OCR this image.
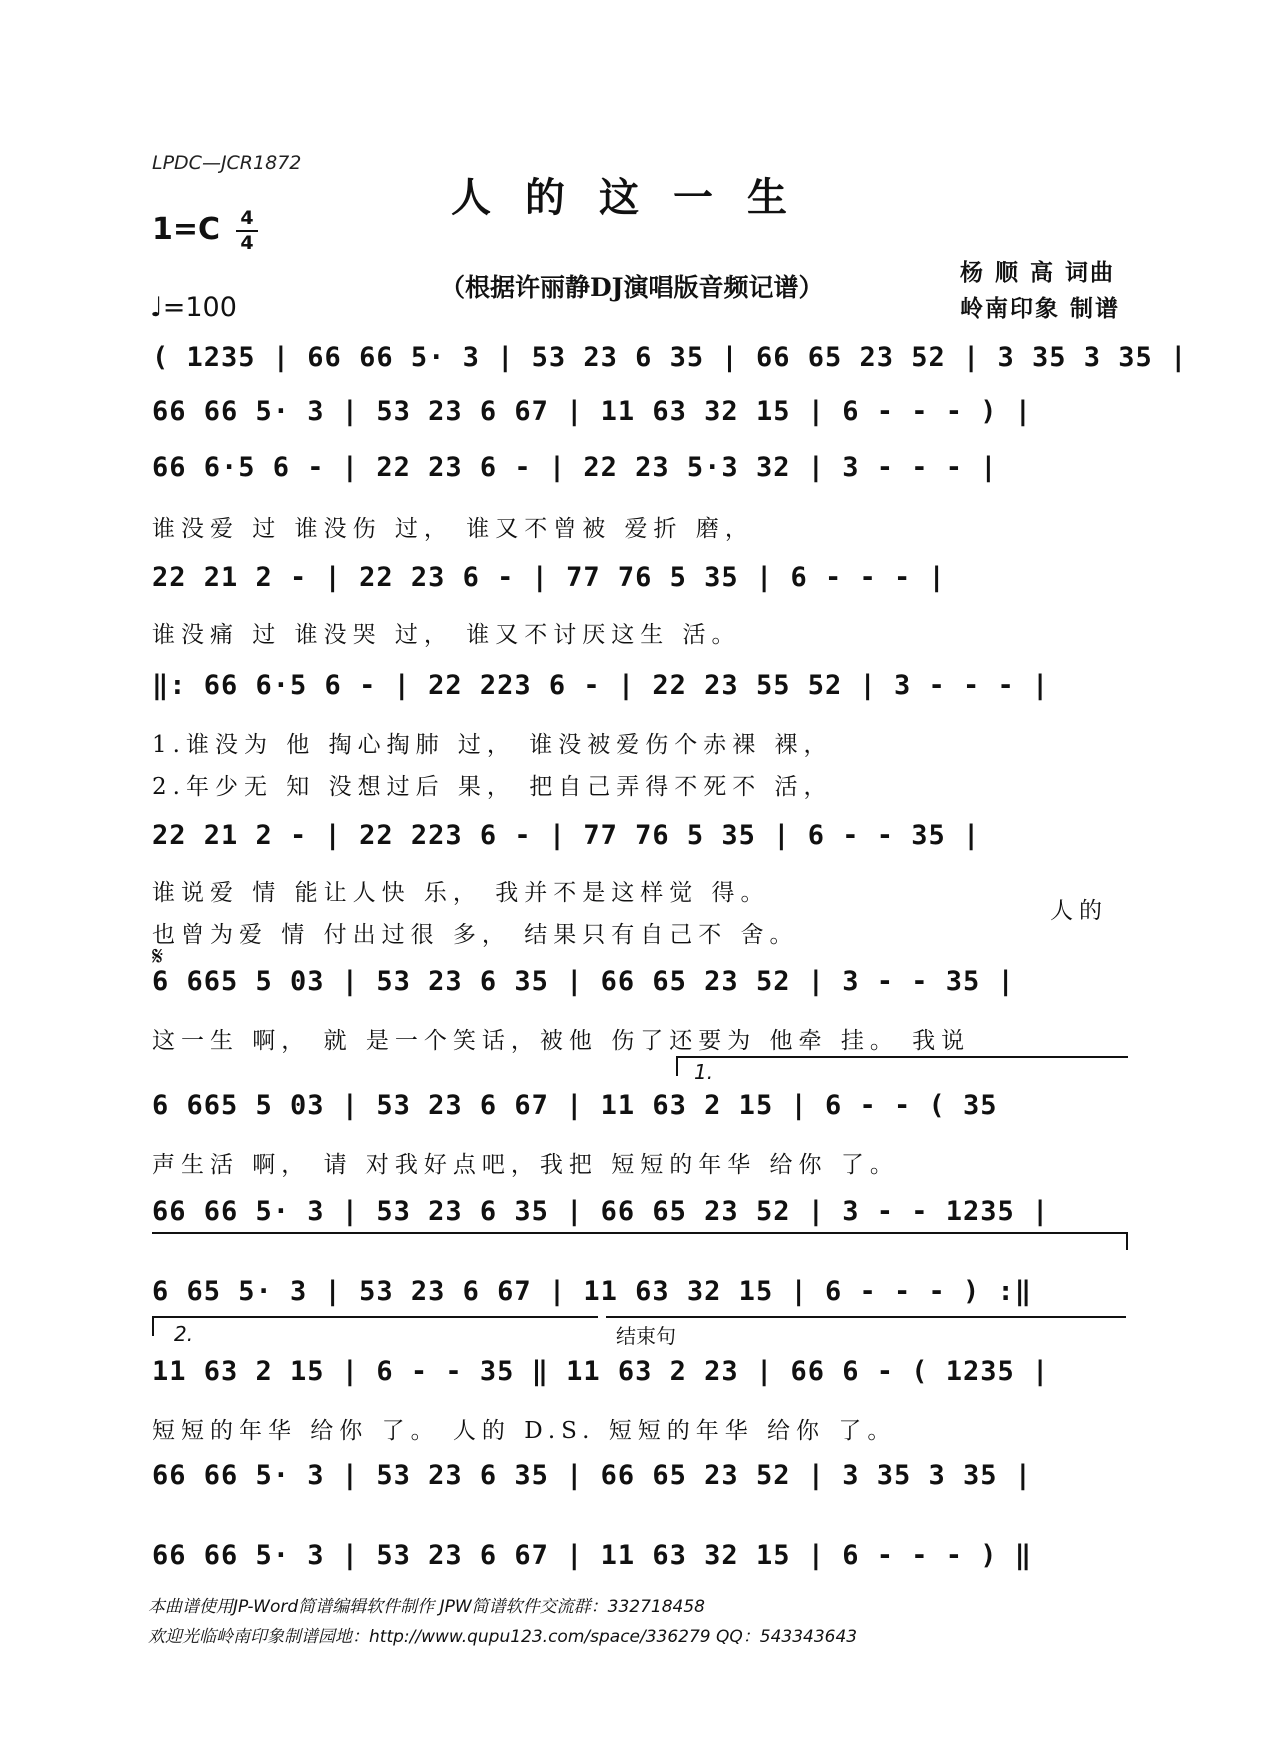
LPDC—JCR1872
人的这一生
1=C 4
4
（根据许丽静DJ演唱版音频记谱）
杨 顺 高 词曲
岭南印象 制谱
♩=100
( 1235 | 66 66 5· 3 | 53 23 6 35 | 66 65 23 52 | 3 35 3 35 |
66 66 5· 3 | 53 23 6 67 | 11 63 32 15 | 6 - - - ) |
66 6·5 6 - | 22 23 6 - | 22 23 5·3 32 | 3 - - - |
谁没爱 过 谁没伤 过， 谁又不曾被 爱折 磨，
22 21 2 - | 22 23 6 - | 77 76 5 35 | 6 - - - |
谁没痛 过 谁没哭 过， 谁又不讨厌这生 活。
‖: 66 6·5 6 - | 22 223 6 - | 22 23 55 52 | 3 - - - |
1.谁没为 他 掏心掏肺 过， 谁没被爱伤个赤裸 裸，
2.年少无 知 没想过后 果， 把自己弄得不死不 活，
22 21 2 - | 22 223 6 - | 77 76 5 35 | 6 - - 35 |
谁说爱 情 能让人快 乐， 我并不是这样觉 得。
也曾为爱 情 付出过很 多， 结果只有自己不 舍。
人的
𝄋
6 665 5 03 | 53 23 6 35 | 66 65 23 52 | 3 - - 35 |
这一生 啊， 就 是一个笑话，被他 伤了还要为 他牵 挂。 我说
1.
6 665 5 03 | 53 23 6 67 | 11 63 2 15 | 6 - - ( 35
声生活 啊， 请 对我好点吧，我把 短短的年华 给你 了。
66 66 5· 3 | 53 23 6 35 | 66 65 23 52 | 3 - - 1235 |
6 65 5· 3 | 53 23 6 67 | 11 63 32 15 | 6 - - - ) :‖
2.	结束句
11 63 2 15 | 6 - - 35 ‖ 11 63 2 23 | 66 6 - ( 1235 |
短短的年华 给你 了。 人的 D.S. 短短的年华 给你 了。
66 66 5· 3 | 53 23 6 35 | 66 65 23 52 | 3 35 3 35 |
66 66 5· 3 | 53 23 6 67 | 11 63 32 15 | 6 - - - ) ‖
本曲谱使用JP-Word简谱编辑软件制作 JPW简谱软件交流群：332718458
欢迎光临岭南印象制谱园地：http://www.qupu123.com/space/336279 QQ：543343643
